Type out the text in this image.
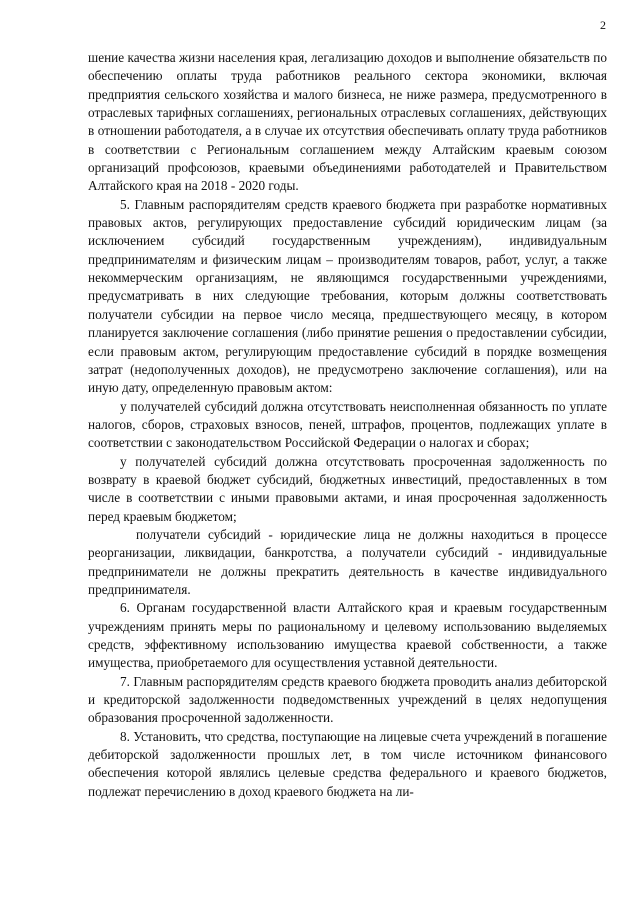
2

шение качества жизни населения края, легализацию доходов и выполнение обязательств по обеспечению оплаты труда работников реального сектора экономики, включая предприятия сельского хозяйства и малого бизнеса, не ниже размера, предусмотренного в отраслевых тарифных соглашениях, региональных отраслевых соглашениях, действующих в отношении работодателя, а в случае их отсутствия обеспечивать оплату труда работников в соответствии с Региональным соглашением между Алтайским краевым союзом организаций профсоюзов, краевыми объединениями работодателей и Правительством Алтайского края на 2018 - 2020 годы.

5. Главным распорядителям средств краевого бюджета при разработке нормативных правовых актов, регулирующих предоставление субсидий юридическим лицам (за исключением субсидий государственным учреждениям), индивидуальным предпринимателям и физическим лицам – производителям товаров, работ, услуг, а также некоммерческим организациям, не являющимся государственными учреждениями, предусматривать в них следующие требования, которым должны соответствовать получатели субсидии на первое число месяца, предшествующего месяцу, в котором планируется заключение соглашения (либо принятие решения о предоставлении субсидии, если правовым актом, регулирующим предоставление субсидий в порядке возмещения затрат (недополученных доходов), не предусмотрено заключение соглашения), или на иную дату, определенную правовым актом:

у получателей субсидий должна отсутствовать неисполненная обязанность по уплате налогов, сборов, страховых взносов, пеней, штрафов, процентов, подлежащих уплате в соответствии с законодательством Российской Федерации о налогах и сборах;

у получателей субсидий должна отсутствовать просроченная задолженность по возврату в краевой бюджет субсидий, бюджетных инвестиций, предоставленных в том числе в соответствии с иными правовыми актами, и иная просроченная задолженность перед краевым бюджетом;

получатели субсидий - юридические лица не должны находиться в процессе реорганизации, ликвидации, банкротства, а получатели субсидий - индивидуальные предприниматели не должны прекратить деятельность в качестве индивидуального предпринимателя.

6. Органам государственной власти Алтайского края и краевым государственным учреждениям принять меры по рациональному и целевому использованию выделяемых средств, эффективному использованию имущества краевой собственности, а также имущества, приобретаемого для осуществления уставной деятельности.

7. Главным распорядителям средств краевого бюджета проводить анализ дебиторской и кредиторской задолженности подведомственных учреждений в целях недопущения образования просроченной задолженности.

8. Установить, что средства, поступающие на лицевые счета учреждений в погашение дебиторской задолженности прошлых лет, в том числе источником финансового обеспечения которой являлись целевые средства федерального и краевого бюджетов, подлежат перечислению в доход краевого бюджета на ли-
